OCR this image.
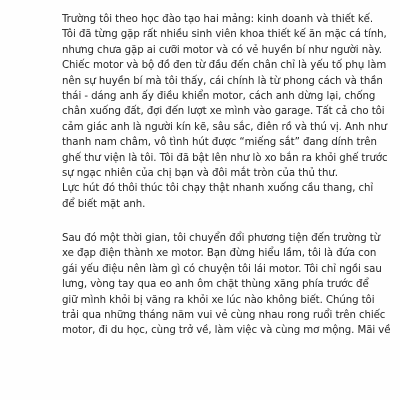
Trường tôi theo học đào tạo hai mảng: kinh doanh và thiết kế.
Tôi đã từng gặp rất nhiều sinh viên khoa thiết kế ăn mặc cá tính,
nhưng chưa gặp ai cưỡi motor và có vẻ huyền bí như người này.
Chiếc motor và bộ đồ đen từ đầu đến chân chỉ là yếu tố phụ làm
nên sự huyền bí mà tôi thấy, cái chính là từ phong cách và thần
thái - dáng anh ấy điều khiển motor, cách anh dừng lại, chống
chân xuống đất, đợi đến lượt xe mình vào garage. Tất cả cho tôi
cảm giác anh là người kín kẽ, sâu sắc, điên rồ và thú vị. Anh như
thanh nam châm, vô tình hút được “miếng sắt” đang dính trên
ghế thư viện là tôi. Tôi đã bật lên như lò xo bắn ra khỏi ghế trước
sự ngạc nhiên của chị bạn và đôi mắt tròn của thủ thư.
Lực hút đó thôi thúc tôi chạy thật nhanh xuống cầu thang, chỉ
để biết mặt anh.
Sau đó một thời gian, tôi chuyển đổi phương tiện đến trường từ
xe đạp điện thành xe motor. Bạn đừng hiểu lầm, tôi là đứa con
gái yếu điệu nên làm gì có chuyện tôi lái motor. Tôi chỉ ngồi sau
lưng, vòng tay qua eo anh ôm chặt thùng xăng phía trước để
giữ mình khỏi bị văng ra khỏi xe lúc nào không biết. Chúng tôi
trải qua những tháng năm vui vẻ cùng nhau rong ruổi trên chiếc
motor, đi du học, cùng trở về, làm việc và cùng mơ mộng. Mãi về
